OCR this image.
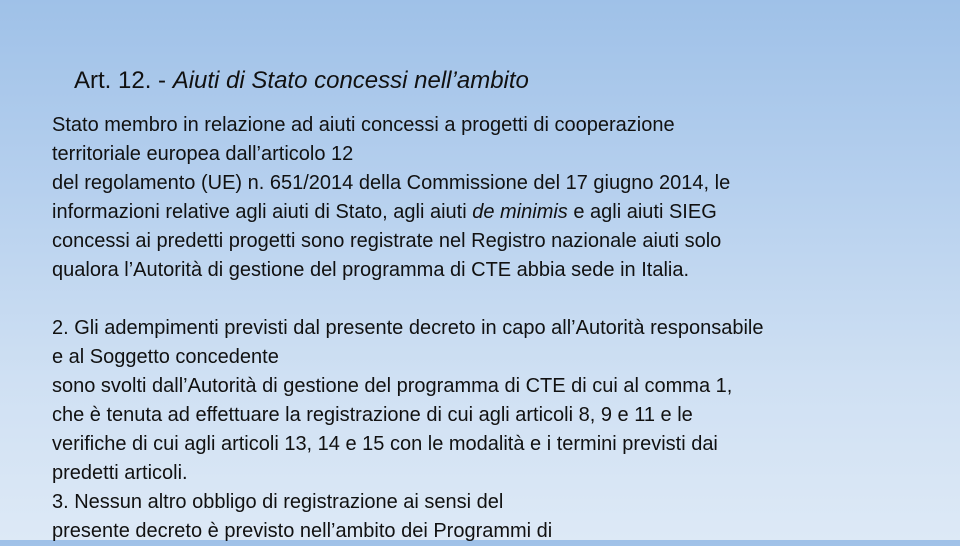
Art. 12. - Aiuti di Stato concessi nell’ambito
Stato membro in relazione ad aiuti concessi a progetti di cooperazione
territoriale europea dall’articolo 12
del regolamento (UE) n. 651/2014 della Commissione del 17 giugno 2014, le
informazioni relative agli aiuti di Stato, agli aiuti de minimis e agli aiuti SIEG
concessi ai predetti progetti sono registrate nel Registro nazionale aiuti solo
qualora l’Autorità di gestione del programma di CTE abbia sede in Italia.
2. Gli adempimenti previsti dal presente decreto in capo all’Autorità responsabile
e al Soggetto concedente
sono svolti dall’Autorità di gestione del programma di CTE di cui al comma 1,
che è tenuta ad effettuare la registrazione di cui agli articoli 8, 9 e 11 e le
verifiche di cui agli articoli 13, 14 e 15 con le modalità e i termini previsti dai
predetti articoli.
3. Nessun altro obbligo di registrazione ai sensi del
presente decreto è previsto nell’ambito dei Programmi di
